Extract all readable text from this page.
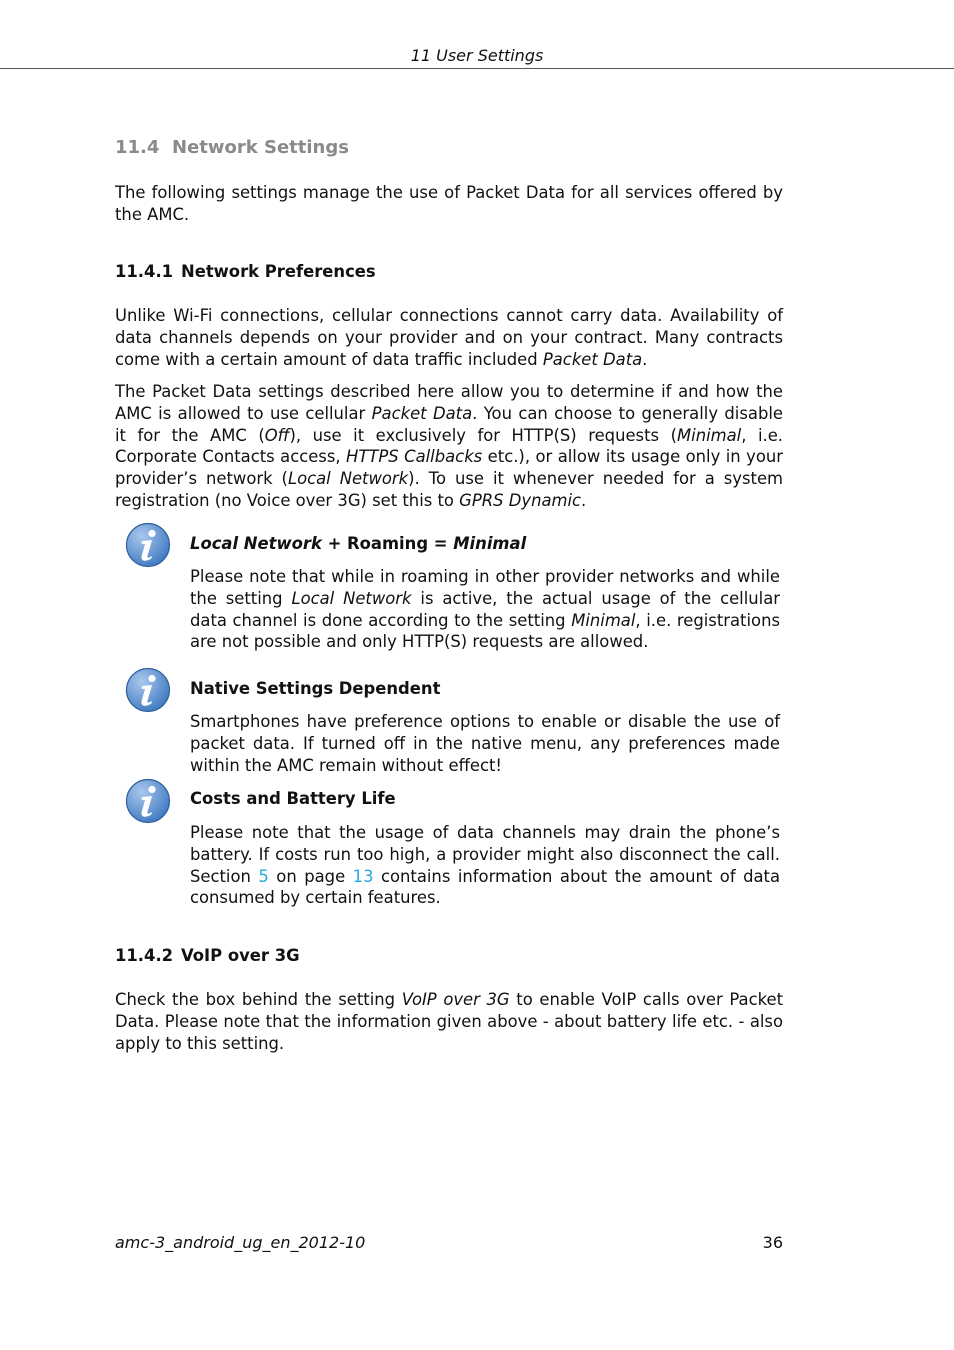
11 User Settings
11.4 Network Settings

The following settings manage the use of Packet Data for all services offered by the AMC.

11.4.1 Network Preferences

Unlike Wi-Fi connections, cellular connections cannot carry data. Availability of data channels depends on your provider and on your contract. Many contracts come with a certain amount of data traffic included Packet Data.

The Packet Data settings described here allow you to determine if and how the AMC is allowed to use cellular Packet Data. You can choose to generally disable it for the AMC (Off), use it exclusively for HTTP(S) requests (Minimal, i.e. Corporate Contacts access, HTTPS Callbacks etc.), or allow its usage only in your provider’s network (Local Network). To use it whenever needed for a system registration (no Voice over 3G) set this to GPRS Dynamic.

Local Network + Roaming = Minimal

Please note that while in roaming in other provider networks and while the setting Local Network is active, the actual usage of the cellular data channel is done according to the setting Minimal, i.e. registrations are not possible and only HTTP(S) requests are allowed.

Native Settings Dependent

Smartphones have preference options to enable or disable the use of packet data. If turned off in the native menu, any preferences made within the AMC remain without effect!

Costs and Battery Life

Please note that the usage of data channels may drain the phone’s battery. If costs run too high, a provider might also disconnect the call. Section 5 on page 13 contains information about the amount of data consumed by certain features.

11.4.2 VoIP over 3G

Check the box behind the setting VoIP over 3G to enable VoIP calls over Packet Data. Please note that the information given above - about battery life etc. - also apply to this setting.

amc-3_android_ug_en_2012-10	36
